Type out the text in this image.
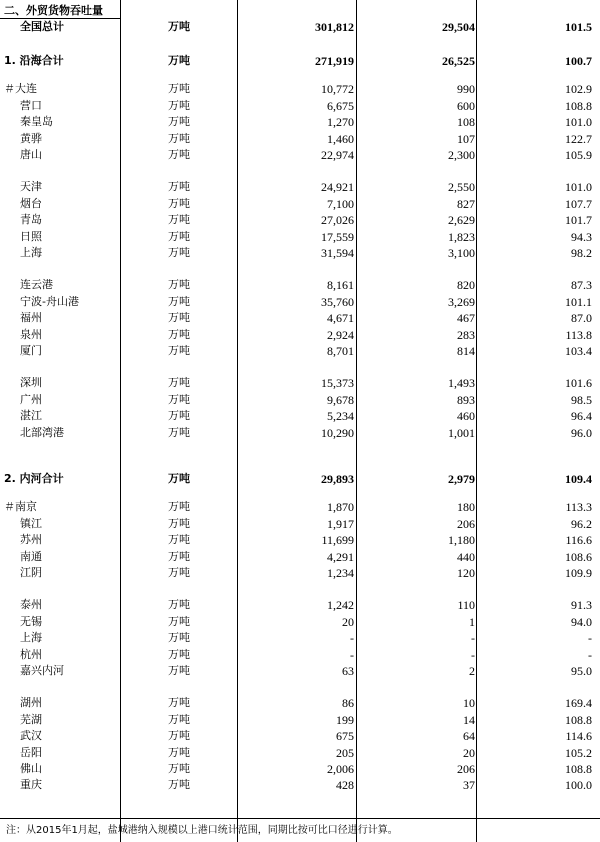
二、外贸货物吞吐量
全国总计	万吨	301,812	29,504	101.5
1. 沿海合计	万吨	271,919	26,525	100.7
＃大连	万吨	10,772	990	102.9
营口	万吨	6,675	600	108.8
秦皇岛	万吨	1,270	108	101.0
黄骅	万吨	1,460	107	122.7
唐山	万吨	22,974	2,300	105.9
天津	万吨	24,921	2,550	101.0
烟台	万吨	7,100	827	107.7
青岛	万吨	27,026	2,629	101.7
日照	万吨	17,559	1,823	94.3
上海	万吨	31,594	3,100	98.2
连云港	万吨	8,161	820	87.3
宁波-舟山港	万吨	35,760	3,269	101.1
福州	万吨	4,671	467	87.0
泉州	万吨	2,924	283	113.8
厦门	万吨	8,701	814	103.4
深圳	万吨	15,373	1,493	101.6
广州	万吨	9,678	893	98.5
湛江	万吨	5,234	460	96.4
北部湾港	万吨	10,290	1,001	96.0
2. 内河合计	万吨	29,893	2,979	109.4
＃南京	万吨	1,870	180	113.3
镇江	万吨	1,917	206	96.2
苏州	万吨	11,699	1,180	116.6
南通	万吨	4,291	440	108.6
江阴	万吨	1,234	120	109.9
泰州	万吨	1,242	110	91.3
无锡	万吨	20	1	94.0
上海	万吨	-	-	-
杭州	万吨	-	-	-
嘉兴内河	万吨	63	2	95.0
湖州	万吨	86	10	169.4
芜湖	万吨	199	14	108.8
武汉	万吨	675	64	114.6
岳阳	万吨	205	20	105.2
佛山	万吨	2,006	206	108.8
重庆	万吨	428	37	100.0
注：从2015年1月起，盐城港纳入规模以上港口统计范围，同期比按可比口径进行计算。
